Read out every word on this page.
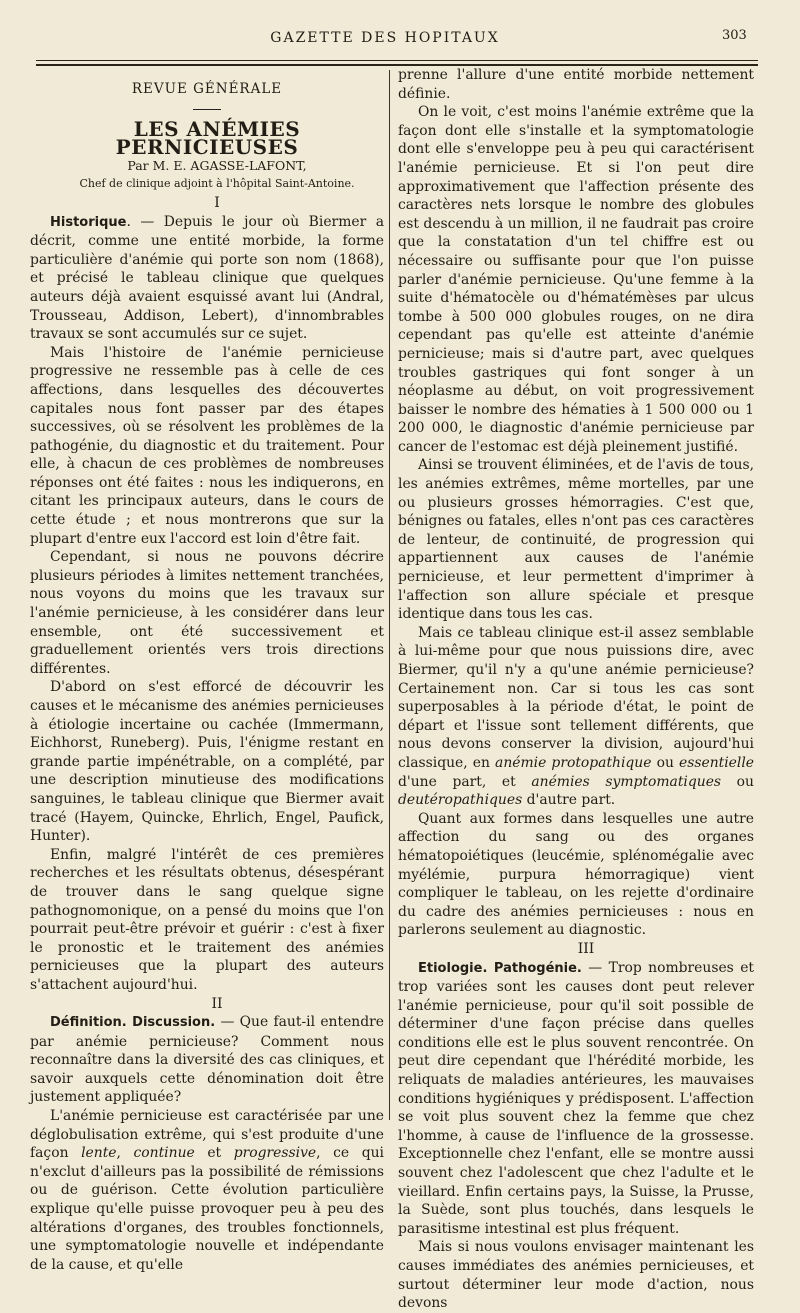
GAZETTE DES HOPITAUX	303

REVUE GÉNÉRALE

LES ANÉMIES PERNICIEUSES

Par M. E. AGASSE-LAFONT,

Chef de clinique adjoint à l'hôpital Saint-Antoine.

I

Historique. — Depuis le jour où Biermer a décrit, comme une entité morbide, la forme particulière d'anémie qui porte son nom (1868), et précisé le tableau clinique que quelques auteurs déjà avaient esquissé avant lui (Andral, Trousseau, Addison, Lebert), d'innombrables travaux se sont accumulés sur ce sujet.

Mais l'histoire de l'anémie pernicieuse progressive ne ressemble pas à celle de ces affections, dans lesquelles des découvertes capitales nous font passer par des étapes successives, où se résolvent les problèmes de la pathogénie, du diagnostic et du traitement. Pour elle, à chacun de ces problèmes de nombreuses réponses ont été faites : nous les indiquerons, en citant les principaux auteurs, dans le cours de cette étude ; et nous montrerons que sur la plupart d'entre eux l'accord est loin d'être fait.

Cependant, si nous ne pouvons décrire plusieurs périodes à limites nettement tranchées, nous voyons du moins que les travaux sur l'anémie pernicieuse, à les considérer dans leur ensemble, ont été successivement et graduellement orientés vers trois directions différentes.

D'abord on s'est efforcé de découvrir les causes et le mécanisme des anémies pernicieuses à étiologie incertaine ou cachée (Immermann, Eichhorst, Runeberg). Puis, l'énigme restant en grande partie impénétrable, on a complété, par une description minutieuse des modifications sanguines, le tableau clinique que Biermer avait tracé (Hayem, Quincke, Ehrlich, Engel, Paufick, Hunter).

Enfin, malgré l'intérêt de ces premières recherches et les résultats obtenus, désespérant de trouver dans le sang quelque signe pathognomonique, on a pensé du moins que l'on pourrait peut-être prévoir et guérir : c'est à fixer le pronostic et le traitement des anémies pernicieuses que la plupart des auteurs s'attachent aujourd'hui.

II

Définition. Discussion. — Que faut-il entendre par anémie pernicieuse? Comment nous reconnaître dans la diversité des cas cliniques, et savoir auxquels cette dénomination doit être justement appliquée?

L'anémie pernicieuse est caractérisée par une déglobulisation extrême, qui s'est produite d'une façon lente, continue et progressive, ce qui n'exclut d'ailleurs pas la possibilité de rémissions ou de guérison. Cette évolution particulière explique qu'elle puisse provoquer peu à peu des altérations d'organes, des troubles fonctionnels, une symptomatologie nouvelle et indépendante de la cause, et qu'elle

prenne l'allure d'une entité morbide nettement définie.

On le voit, c'est moins l'anémie extrême que la façon dont elle s'installe et la symptomatologie dont elle s'enveloppe peu à peu qui caractérisent l'anémie pernicieuse. Et si l'on peut dire approximativement que l'affection présente des caractères nets lorsque le nombre des globules est descendu à un million, il ne faudrait pas croire que la constatation d'un tel chiffre est ou nécessaire ou suffisante pour que l'on puisse parler d'anémie pernicieuse. Qu'une femme à la suite d'hématocèle ou d'hématémèses par ulcus tombe à 500 000 globules rouges, on ne dira cependant pas qu'elle est atteinte d'anémie pernicieuse; mais si d'autre part, avec quelques troubles gastriques qui font songer à un néoplasme au début, on voit progressivement baisser le nombre des hématies à 1 500 000 ou 1 200 000, le diagnostic d'anémie pernicieuse par cancer de l'estomac est déjà pleinement justifié.

Ainsi se trouvent éliminées, et de l'avis de tous, les anémies extrêmes, même mortelles, par une ou plusieurs grosses hémorragies. C'est que, bénignes ou fatales, elles n'ont pas ces caractères de lenteur, de continuité, de progression qui appartiennent aux causes de l'anémie pernicieuse, et leur permettent d'imprimer à l'affection son allure spéciale et presque identique dans tous les cas.

Mais ce tableau clinique est-il assez semblable à lui-même pour que nous puissions dire, avec Biermer, qu'il n'y a qu'une anémie pernicieuse? Certainement non. Car si tous les cas sont superposables à la période d'état, le point de départ et l'issue sont tellement différents, que nous devons conserver la division, aujourd'hui classique, en anémie protopathique ou essentielle d'une part, et anémies symptomatiques ou deutéropathiques d'autre part.

Quant aux formes dans lesquelles une autre affection du sang ou des organes hématopoiétiques (leucémie, splénomégalie avec myélémie, purpura hémorragique) vient compliquer le tableau, on les rejette d'ordinaire du cadre des anémies pernicieuses : nous en parlerons seulement au diagnostic.

III

Etiologie. Pathogénie. — Trop nombreuses et trop variées sont les causes dont peut relever l'anémie pernicieuse, pour qu'il soit possible de déterminer d'une façon précise dans quelles conditions elle est le plus souvent rencontrée. On peut dire cependant que l'hérédité morbide, les reliquats de maladies antérieures, les mauvaises conditions hygiéniques y prédisposent. L'affection se voit plus souvent chez la femme que chez l'homme, à cause de l'influence de la grossesse. Exceptionnelle chez l'enfant, elle se montre aussi souvent chez l'adolescent que chez l'adulte et le vieillard. Enfin certains pays, la Suisse, la Prusse, la Suède, sont plus touchés, dans lesquels le parasitisme intestinal est plus fréquent.

Mais si nous voulons envisager maintenant les causes immédiates des anémies pernicieuses, et surtout déterminer leur mode d'action, nous devons
